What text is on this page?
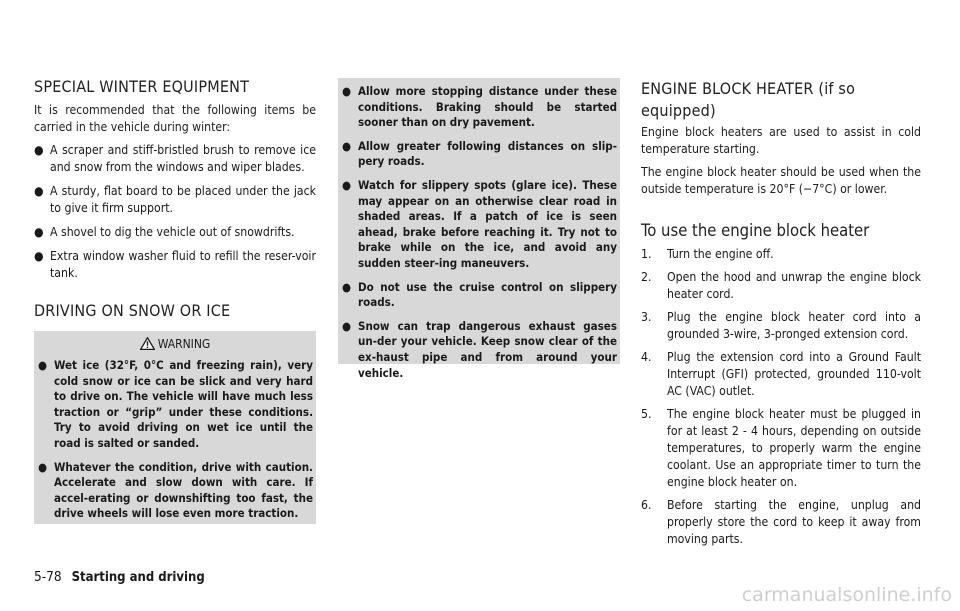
SPECIAL WINTER EQUIPMENT

It is recommended that the following items be carried in the vehicle during winter:

● A scraper and stiff-bristled brush to remove ice and snow from the windows and wiper blades.
● A sturdy, flat board to be placed under the jack to give it firm support.
● A shovel to dig the vehicle out of snowdrifts.
● Extra window washer fluid to refill the reser-voir tank.
DRIVING ON SNOW OR ICE
WARNING
● Wet ice (32°F, 0°C and freezing rain), very cold snow or ice can be slick and very hard to drive on. The vehicle will have much less traction or “grip” under these conditions. Try to avoid driving on wet ice until the road is salted or sanded.
● Whatever the condition, drive with caution. Accelerate and slow down with care. If accel-erating or downshifting too fast, the drive wheels will lose even more traction.
● Allow more stopping distance under these conditions. Braking should be started sooner than on dry pavement.
● Allow greater following distances on slip-pery roads.
● Watch for slippery spots (glare ice). These may appear on an otherwise clear road in shaded areas. If a patch of ice is seen ahead, brake before reaching it. Try not to brake while on the ice, and avoid any sudden steer-ing maneuvers.
● Do not use the cruise control on slippery roads.
● Snow can trap dangerous exhaust gases un-der your vehicle. Keep snow clear of the ex-haust pipe and from around your vehicle.
ENGINE BLOCK HEATER (if so equipped)

Engine block heaters are used to assist in cold temperature starting.

The engine block heater should be used when the outside temperature is 20°F (−7°C) or lower.

To use the engine block heater
1. Turn the engine off.
2. Open the hood and unwrap the engine block heater cord.
3. Plug the engine block heater cord into a grounded 3-wire, 3-pronged extension cord.
4. Plug the extension cord into a Ground Fault Interrupt (GFI) protected, grounded 110-volt AC (VAC) outlet.
5. The engine block heater must be plugged in for at least 2 - 4 hours, depending on outside temperatures, to properly warm the engine coolant. Use an appropriate timer to turn the engine block heater on.
6. Before starting the engine, unplug and properly store the cord to keep it away from moving parts.
5-78 Starting and driving
carmanualsonline.info
